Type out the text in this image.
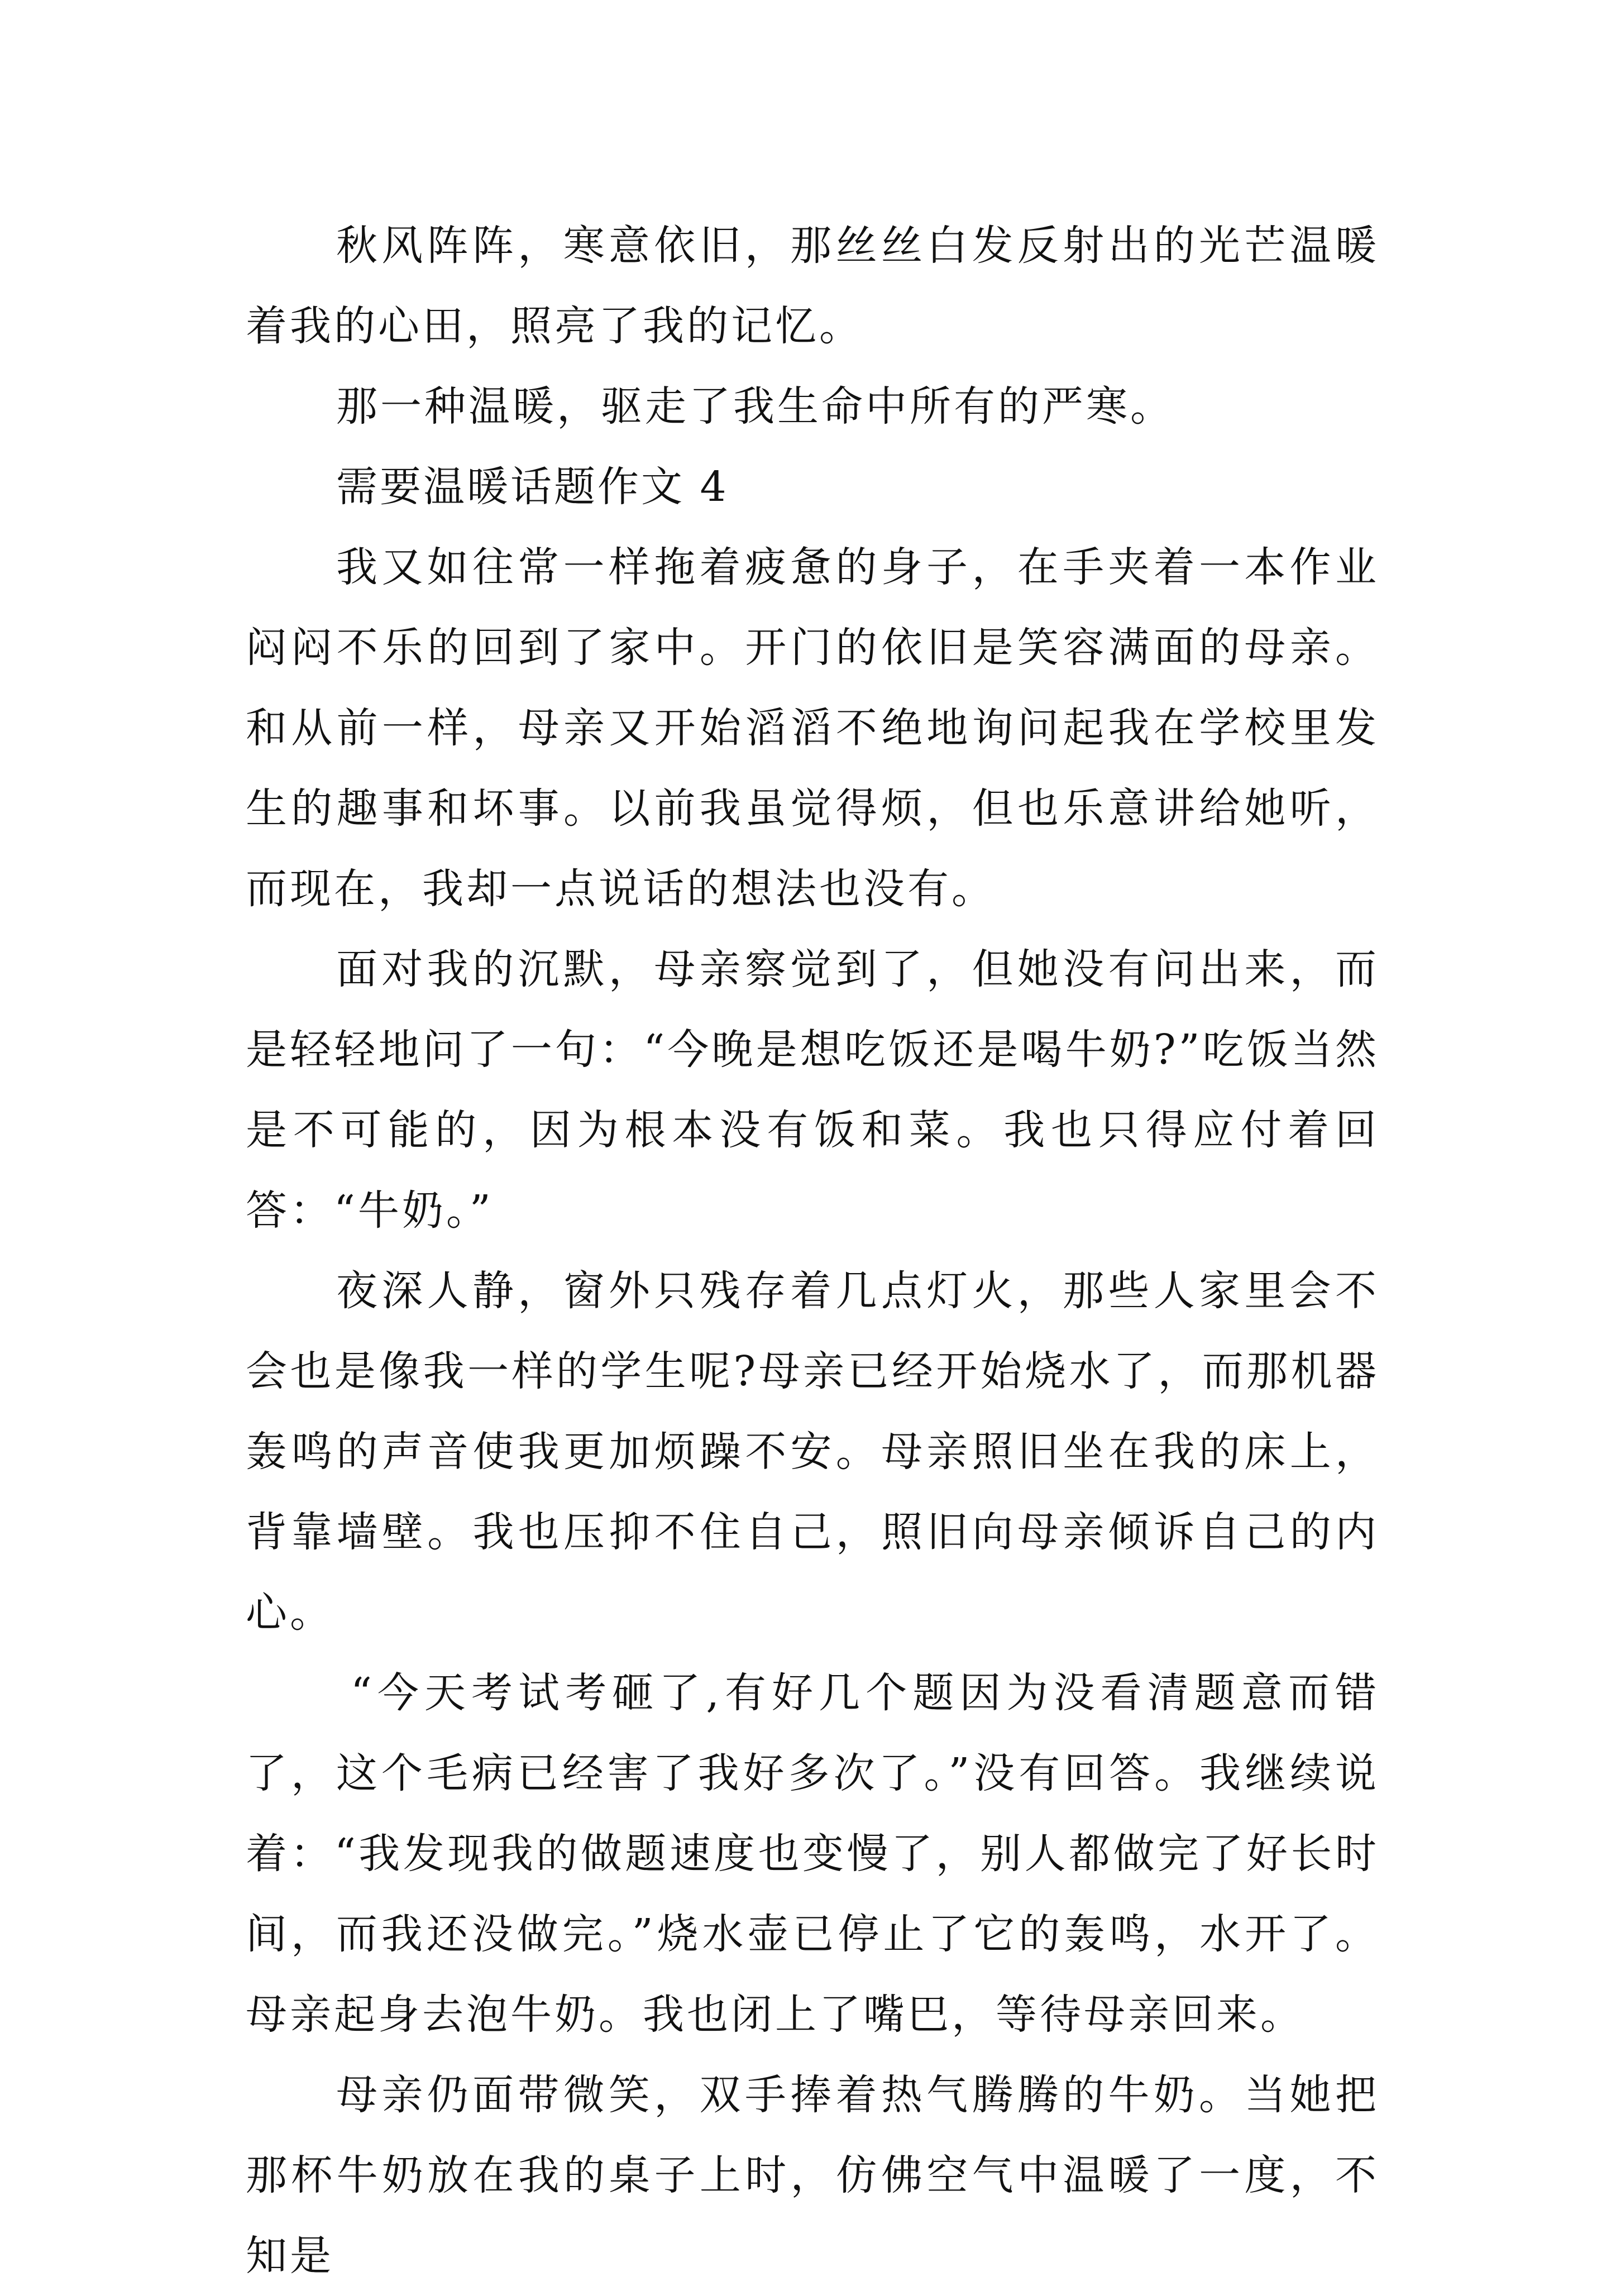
秋风阵阵，寒意依旧，那丝丝白发反射出的光芒温暖着我的心田，照亮了我的记忆。

那一种温暖，驱走了我生命中所有的严寒。

需要温暖话题作文 4

我又如往常一样拖着疲惫的身子，在手夹着一本作业闷闷不乐的回到了家中。开门的依旧是笑容满面的母亲。和从前一样，母亲又开始滔滔不绝地询问起我在学校里发生的趣事和坏事。以前我虽觉得烦，但也乐意讲给她听，而现在，我却一点说话的想法也没有。

面对我的沉默，母亲察觉到了，但她没有问出来，而是轻轻地问了一句：“今晚是想吃饭还是喝牛奶?”吃饭当然是不可能的，因为根本没有饭和菜。我也只得应付着回答：“牛奶。”

夜深人静，窗外只残存着几点灯火，那些人家里会不会也是像我一样的学生呢?母亲已经开始烧水了，而那机器轰鸣的声音使我更加烦躁不安。母亲照旧坐在我的床上，背靠墙壁。我也压抑不住自己，照旧向母亲倾诉自己的内心。

“今天考试考砸了,有好几个题因为没看清题意而错了，这个毛病已经害了我好多次了。”没有回答。我继续说着：“我发现我的做题速度也变慢了，别人都做完了好长时间，而我还没做完。”烧水壶已停止了它的轰鸣，水开了。母亲起身去泡牛奶。我也闭上了嘴巴，等待母亲回来。

母亲仍面带微笑，双手捧着热气腾腾的牛奶。当她把那杯牛奶放在我的桌子上时，仿佛空气中温暖了一度，不知是
